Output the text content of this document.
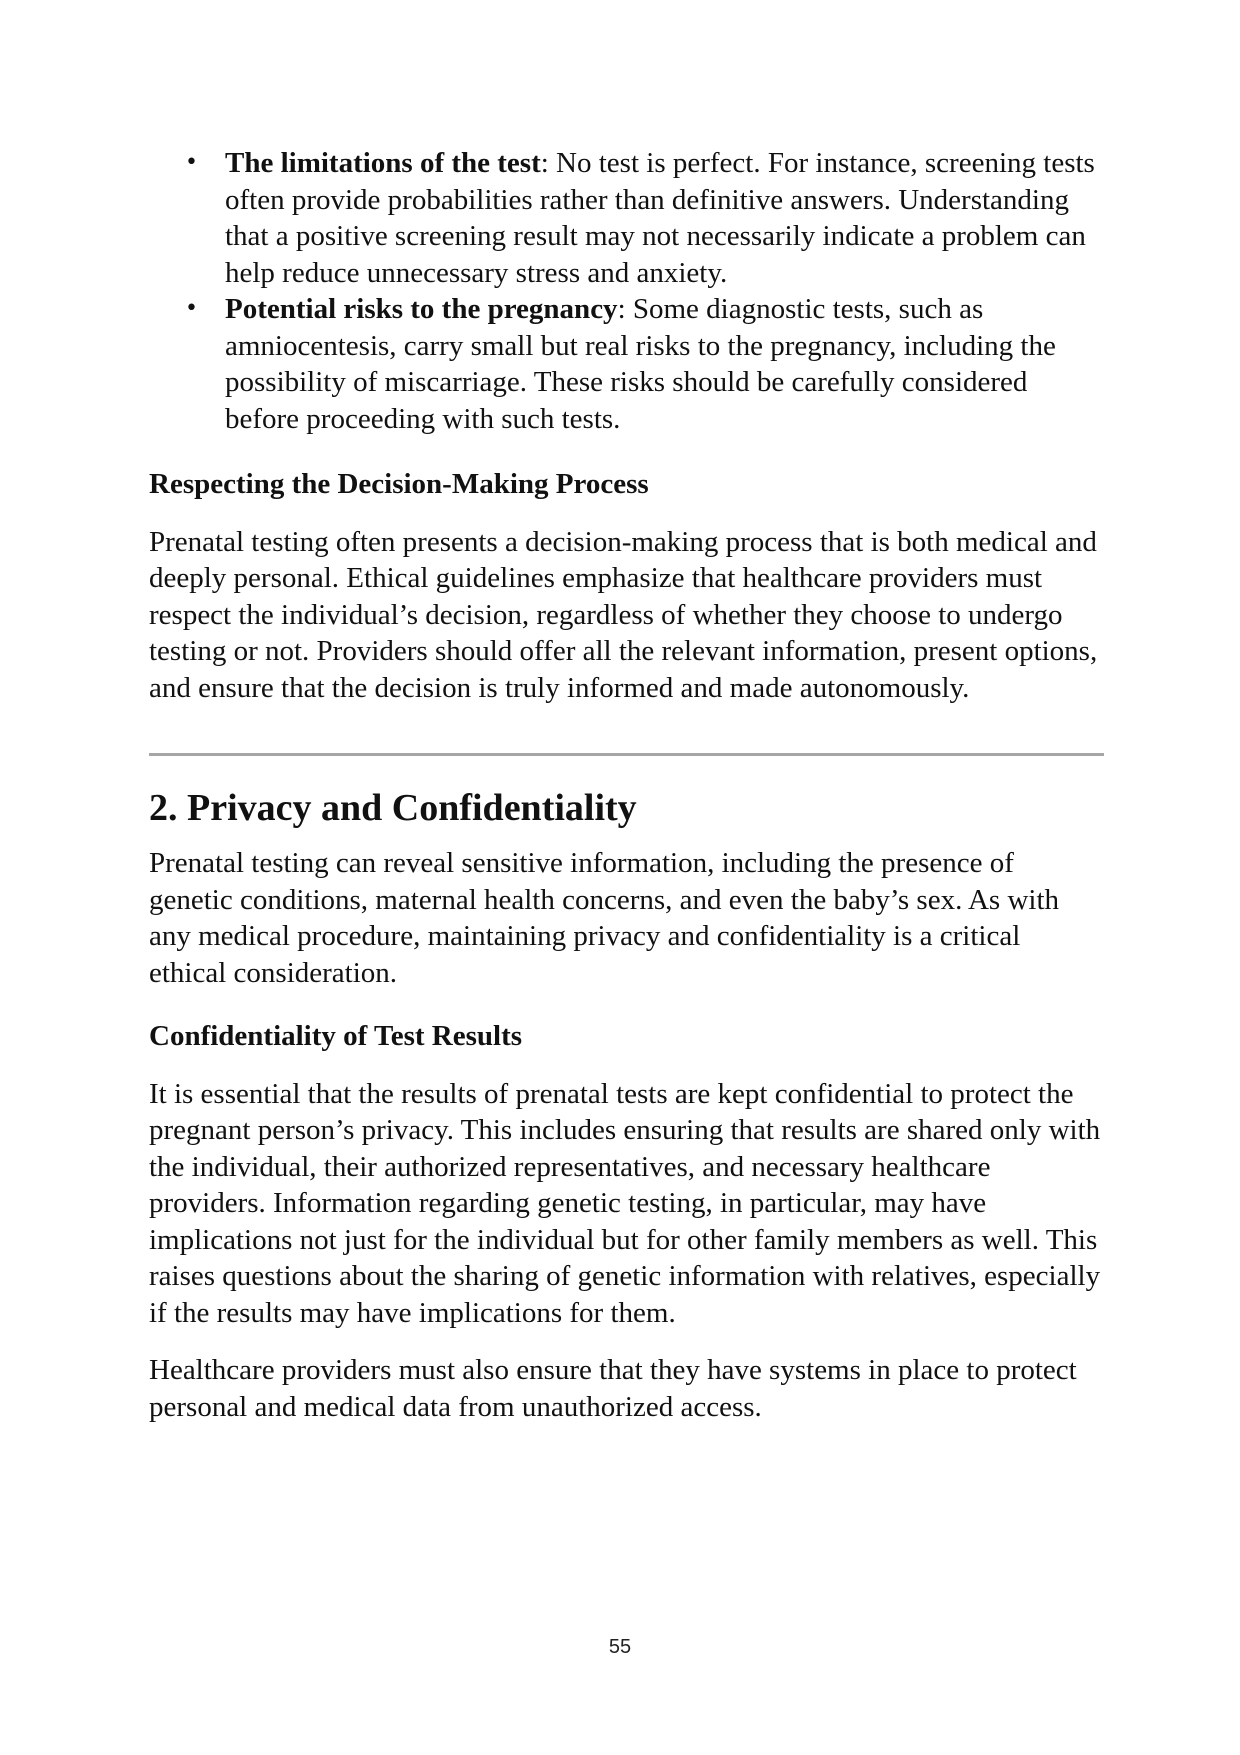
• The limitations of the test: No test is perfect. For instance, screening tests often provide probabilities rather than definitive answers. Understanding that a positive screening result may not necessarily indicate a problem can help reduce unnecessary stress and anxiety.
• Potential risks to the pregnancy: Some diagnostic tests, such as amniocentesis, carry small but real risks to the pregnancy, including the possibility of miscarriage. These risks should be carefully considered before proceeding with such tests.
Respecting the Decision-Making Process

Prenatal testing often presents a decision-making process that is both medical and deeply personal. Ethical guidelines emphasize that healthcare providers must respect the individual’s decision, regardless of whether they choose to undergo testing or not. Providers should offer all the relevant information, present options, and ensure that the decision is truly informed and made autonomously.

2. Privacy and Confidentiality

Prenatal testing can reveal sensitive information, including the presence of genetic conditions, maternal health concerns, and even the baby’s sex. As with any medical procedure, maintaining privacy and confidentiality is a critical ethical consideration.

Confidentiality of Test Results

It is essential that the results of prenatal tests are kept confidential to protect the pregnant person’s privacy. This includes ensuring that results are shared only with the individual, their authorized representatives, and necessary healthcare providers. Information regarding genetic testing, in particular, may have implications not just for the individual but for other family members as well. This raises questions about the sharing of genetic information with relatives, especially if the results may have implications for them.

Healthcare providers must also ensure that they have systems in place to protect personal and medical data from unauthorized access.

55
